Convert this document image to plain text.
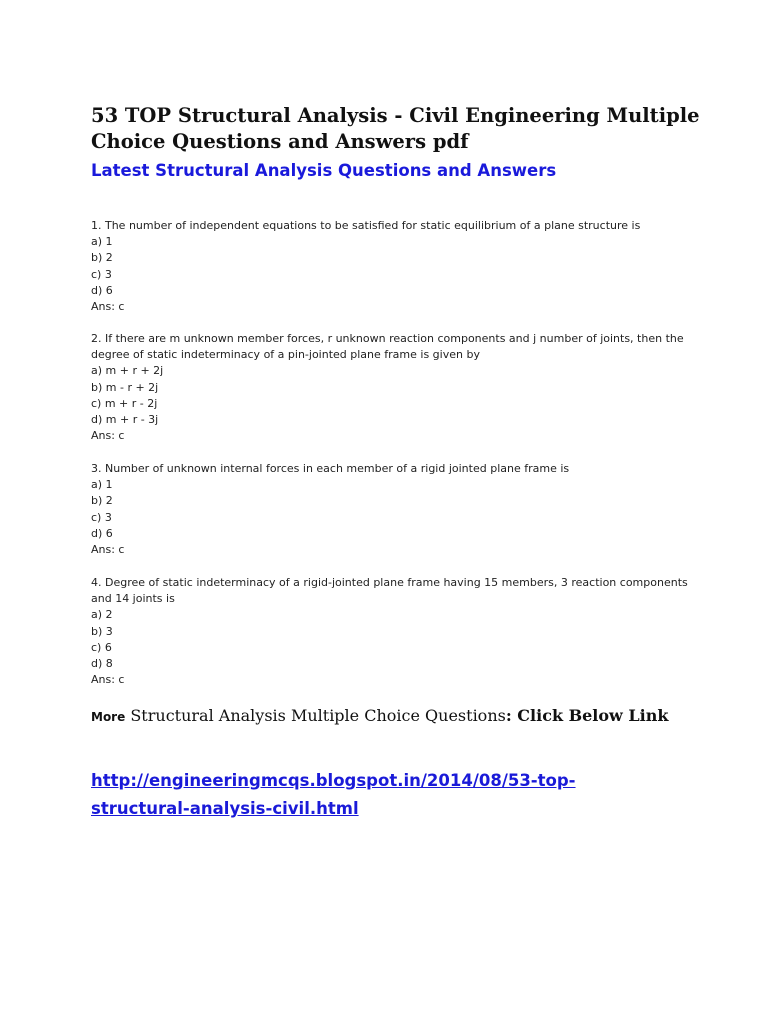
53 TOP Structural Analysis - Civil Engineering Multiple Choice Questions and Answers pdf
Latest Structural Analysis Questions and Answers
1. The number of independent equations to be satisfied for static equilibrium of a plane structure is
a) 1
b) 2
c) 3
d) 6
Ans: c
2. If there are m unknown member forces, r unknown reaction components and j number of joints, then the degree of static indeterminacy of a pin-jointed plane frame is given by
a) m + r + 2j
b) m - r + 2j
c) m + r - 2j
d) m + r - 3j
Ans: c
3. Number of unknown internal forces in each member of a rigid jointed plane frame is
a) 1
b) 2
c) 3
d) 6
Ans: c
4. Degree of static indeterminacy of a rigid-jointed plane frame having 15 members, 3 reaction components and 14 joints is
a) 2
b) 3
c) 6
d) 8
Ans: c
More Structural Analysis Multiple Choice Questions: Click Below Link
http://engineeringmcqs.blogspot.in/2014/08/53-top-structural-analysis-civil.html
